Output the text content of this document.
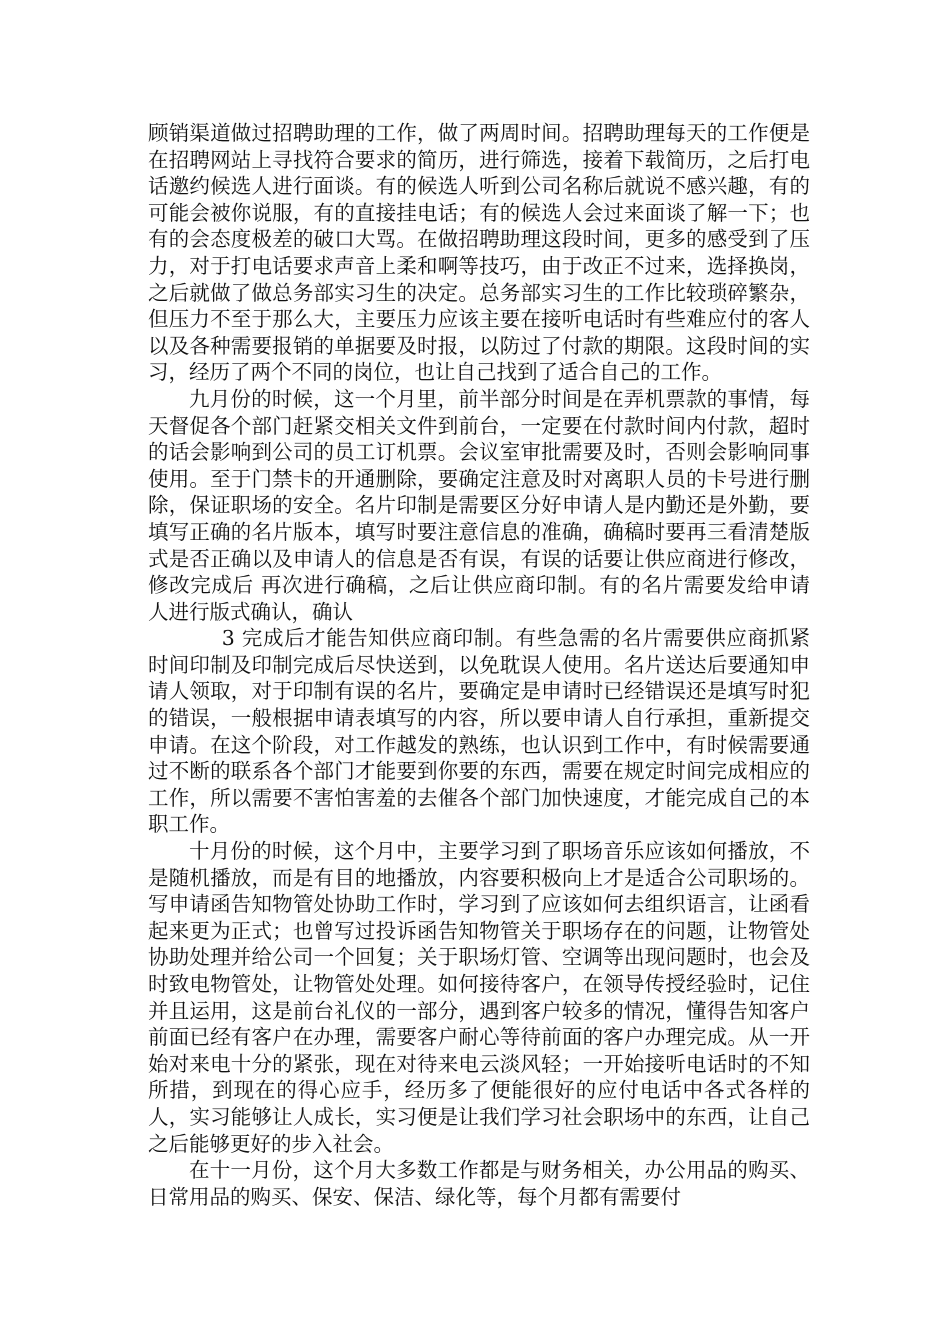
顾销渠道做过招聘助理的工作，做了两周时间。招聘助理每天的工作便是在招聘网站上寻找符合要求的简历，进行筛选，接着下载简历，之后打电话邀约候选人进行面谈。有的候选人听到公司名称后就说不感兴趣，有的可能会被你说服，有的直接挂电话；有的候选人会过来面谈了解一下；也有的会态度极差的破口大骂。在做招聘助理这段时间，更多的感受到了压力，对于打电话要求声音上柔和啊等技巧，由于改正不过来，选择换岗，之后就做了做总务部实习生的决定。总务部实习生的工作比较琐碎繁杂，但压力不至于那么大，主要压力应该主要在接听电话时有些难应付的客人以及各种需要报销的单据要及时报，以防过了付款的期限。这段时间的实习，经历了两个不同的岗位，也让自己找到了适合自己的工作。

九月份的时候，这一个月里，前半部分时间是在弄机票款的事情，每天督促各个部门赶紧交相关文件到前台，一定要在付款时间内付款，超时的话会影响到公司的员工订机票。会议室审批需要及时，否则会影响同事使用。至于门禁卡的开通删除，要确定注意及时对离职人员的卡号进行删除，保证职场的安全。名片印制是需要区分好申请人是内勤还是外勤，要填写正确的名片版本，填写时要注意信息的准确，确稿时要再三看清楚版式是否正确以及申请人的信息是否有误，有误的话要让供应商进行修改，修改完成后 再次进行确稿，之后让供应商印制。有的名片需要发给申请人进行版式确认，确认

3 完成后才能告知供应商印制。有些急需的名片需要供应商抓紧时间印制及印制完成后尽快送到，以免耽误人使用。名片送达后要通知申请人领取，对于印制有误的名片，要确定是申请时已经错误还是填写时犯的错误，一般根据申请表填写的内容，所以要申请人自行承担，重新提交申请。在这个阶段，对工作越发的熟练，也认识到工作中，有时候需要通过不断的联系各个部门才能要到你要的东西，需要在规定时间完成相应的工作，所以需要不害怕害羞的去催各个部门加快速度，才能完成自己的本职工作。

十月份的时候，这个月中，主要学习到了职场音乐应该如何播放，不是随机播放，而是有目的地播放，内容要积极向上才是适合公司职场的。写申请函告知物管处协助工作时，学习到了应该如何去组织语言，让函看起来更为正式；也曾写过投诉函告知物管关于职场存在的问题，让物管处协助处理并给公司一个回复；关于职场灯管、空调等出现问题时，也会及时致电物管处，让物管处处理。如何接待客户，在领导传授经验时，记住并且运用，这是前台礼仪的一部分，遇到客户较多的情况，懂得告知客户前面已经有客户在办理，需要客户耐心等待前面的客户办理完成。从一开始对来电十分的紧张，现在对待来电云淡风轻；一开始接听电话时的不知所措，到现在的得心应手，经历多了便能很好的应付电话中各式各样的人，实习能够让人成长，实习便是让我们学习社会职场中的东西，让自己之后能够更好的步入社会。

在十一月份，这个月大多数工作都是与财务相关，办公用品的购买、日常用品的购买、保安、保洁、绿化等，每个月都有需要付
